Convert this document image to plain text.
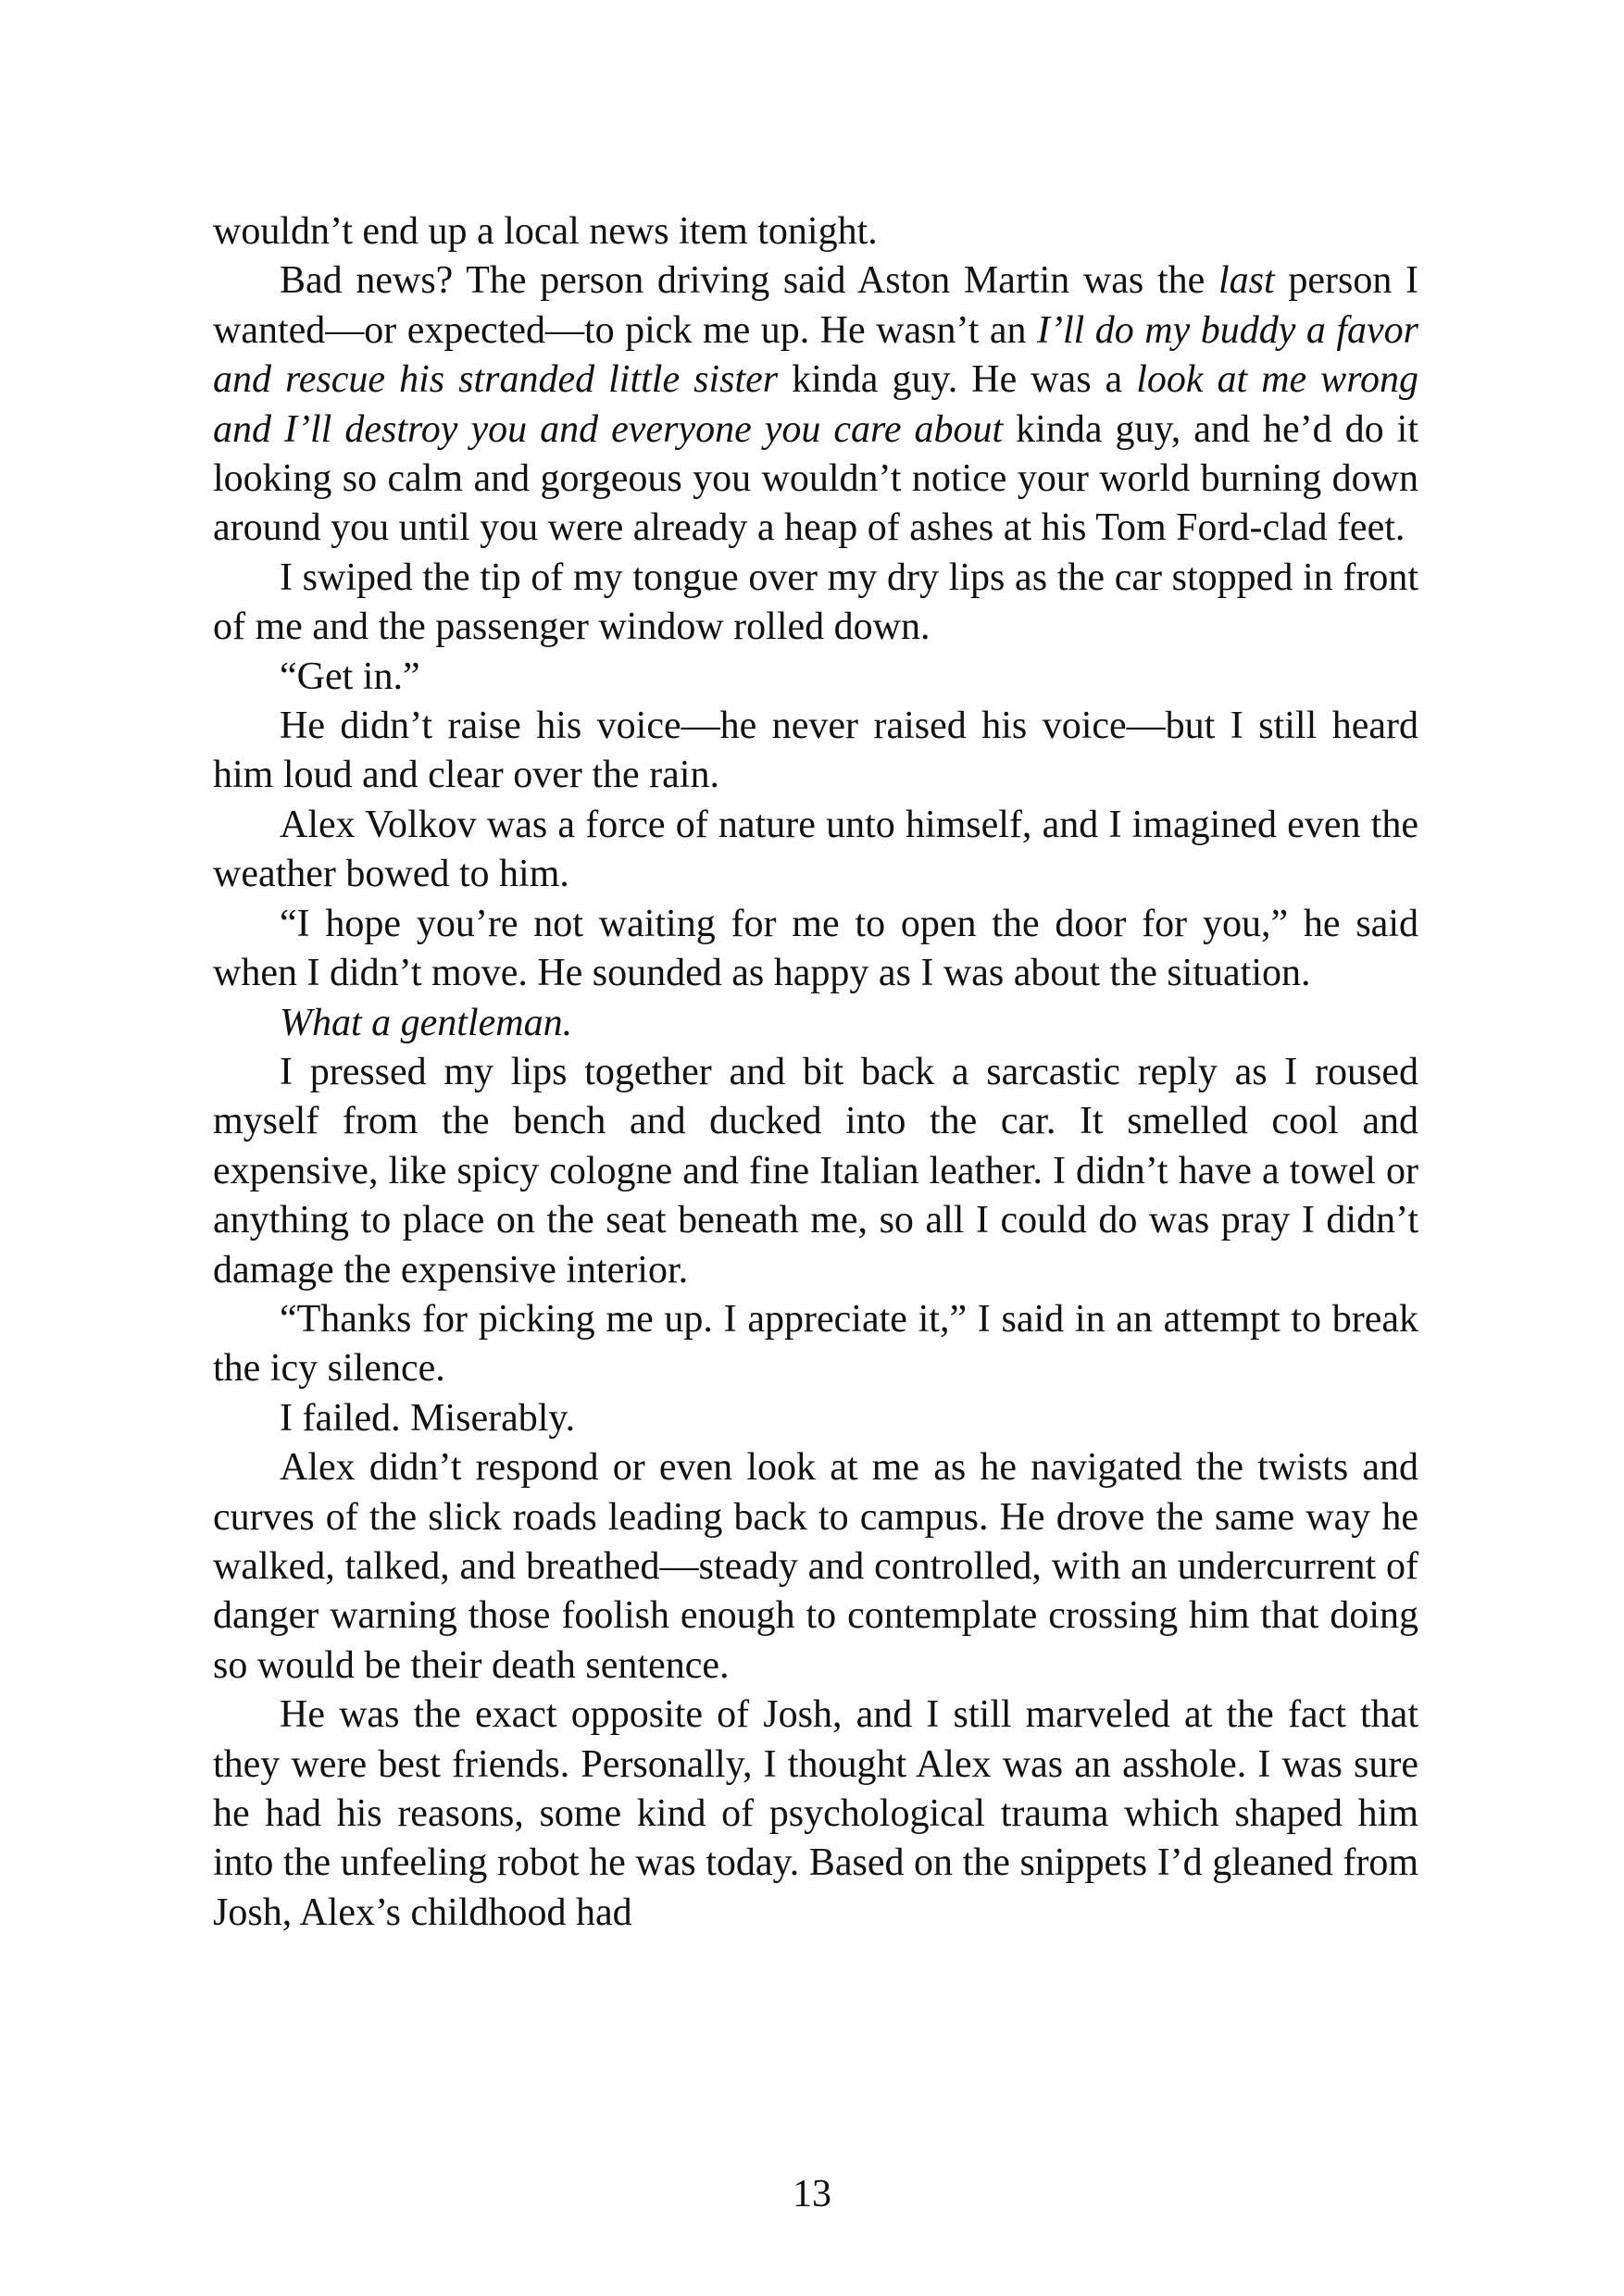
wouldn’t end up a local news item tonight.

Bad news? The person driving said Aston Martin was the last person I wanted—or expected—to pick me up. He wasn’t an I’ll do my buddy a favor and rescue his stranded little sister kinda guy. He was a look at me wrong and I’ll destroy you and everyone you care about kinda guy, and he’d do it looking so calm and gorgeous you wouldn’t notice your world burning down around you until you were already a heap of ashes at his Tom Ford-clad feet.

I swiped the tip of my tongue over my dry lips as the car stopped in front of me and the passenger window rolled down.

“Get in.”

He didn’t raise his voice—he never raised his voice—but I still heard him loud and clear over the rain.

Alex Volkov was a force of nature unto himself, and I imagined even the weather bowed to him.

“I hope you’re not waiting for me to open the door for you,” he said when I didn’t move. He sounded as happy as I was about the situation.

What a gentleman.

I pressed my lips together and bit back a sarcastic reply as I roused myself from the bench and ducked into the car. It smelled cool and expensive, like spicy cologne and fine Italian leather. I didn’t have a towel or anything to place on the seat beneath me, so all I could do was pray I didn’t damage the expensive interior.

“Thanks for picking me up. I appreciate it,” I said in an attempt to break the icy silence.

I failed. Miserably.

Alex didn’t respond or even look at me as he navigated the twists and curves of the slick roads leading back to campus. He drove the same way he walked, talked, and breathed—steady and controlled, with an undercurrent of danger warning those foolish enough to contemplate crossing him that doing so would be their death sentence.

He was the exact opposite of Josh, and I still marveled at the fact that they were best friends. Personally, I thought Alex was an asshole. I was sure he had his reasons, some kind of psychological trauma which shaped him into the unfeeling robot he was today. Based on the snippets I’d gleaned from Josh, Alex’s childhood had

13
